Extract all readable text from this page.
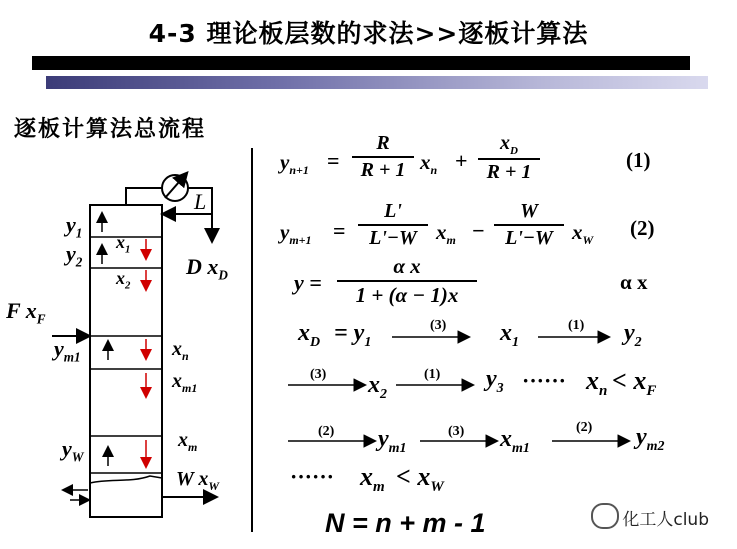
4-3 理论板层数的求法>>逐板计算法
逐板计算法总流程
L
D $x_D$
F $x_F$
W $x_W$
$y_1$
$y_2$
$x_1$
$x_2$
$y_{m1}$	$x_n$
$x_{m1}$
$y_W$
$x_m$
$y_{n+1} = \frac{R}{R + 1} x_n + \frac{x_D}{R + 1}$	(1)
$y_{m+1} = \frac{L'}{L'-W} x_m - \frac{W}{L'-W} x_W$
(2)
$y = \frac{\text{α x}}{1 + (\alpha - 1)x}$	α x
$x_D = y_1$
(3) $x_1$
(1) $y_2$
(3) $x_2$
(1) $y_3$ ······ $x_n < x_F$
(2) $y_{m1}$
(3) $x_{m1}$
(2) $y_{m2}$
······ $x_m < x_W$
N = n + m - 1	化工人club
